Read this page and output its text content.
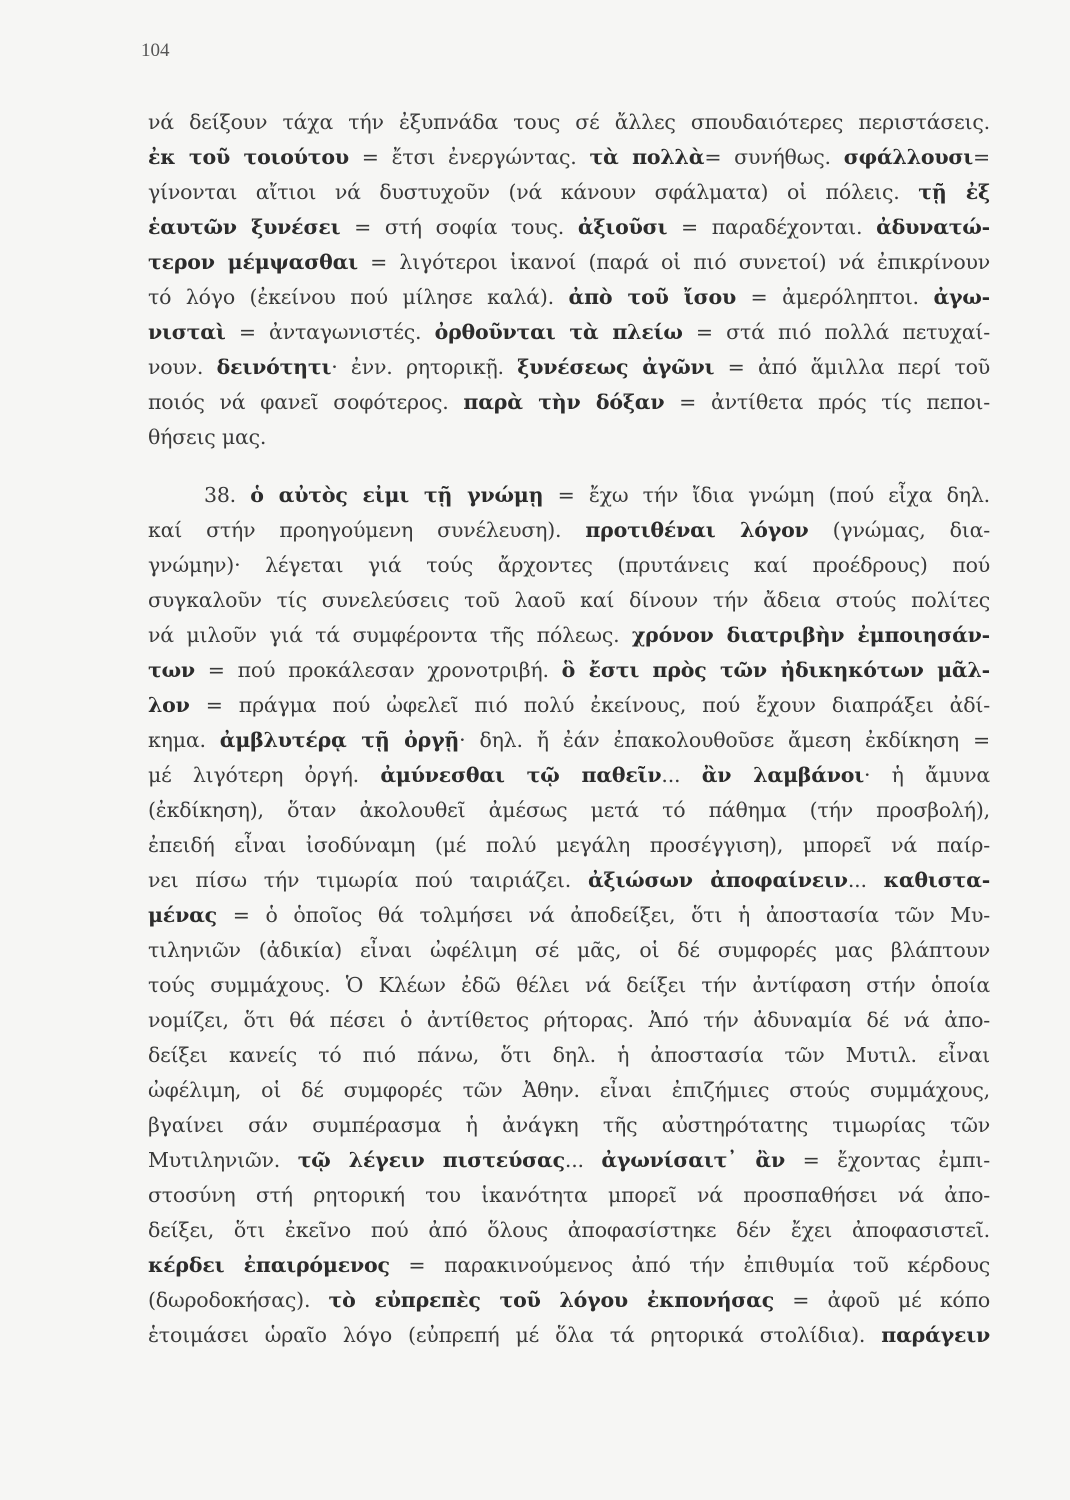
104
νά δείξουν τάχα τήν ἐξυπνάδα τους σέ ἄλλες σπουδαιότερες περιστάσεις.
ἐκ τοῦ τοιούτου = ἔτσι ἐνεργώντας. τὰ πολλὰ= συνήθως. σφάλλουσι=
γίνονται αἴτιοι νά δυστυχοῦν (νά κάνουν σφάλματα) οἱ πόλεις. τῇ ἐξ
ἑαυτῶν ξυνέσει = στή σοφία τους. ἀξιοῦσι = παραδέχονται. ἀδυνατώ-
τερον μέμψασθαι = λιγότεροι ἱκανοί (παρά οἱ πιό συνετοί) νά ἐπικρίνουν
τό λόγο (ἐκείνου πού μίλησε καλά). ἀπὸ τοῦ ἴσου = ἀμερόληπτοι. ἀγω-
νισταὶ = ἀνταγωνιστές. ὀρθοῦνται τὰ πλείω = στά πιό πολλά πετυχαί-
νουν. δεινότητι· ἐνν. ρητορικῇ. ξυνέσεως ἀγῶνι = ἀπό ἅμιλλα περί τοῦ
ποιός νά φανεῖ σοφότερος. παρὰ τὴν δόξαν = ἀντίθετα πρός τίς πεποι-
θήσεις μας.
38. ὁ αὐτὸς εἰμι τῇ γνώμῃ = ἔχω τήν ἴδια γνώμη (πού εἶχα δηλ.
καί στήν προηγούμενη συνέλευση). προτιθέναι λόγον (γνώμας, δια-
γνώμην)· λέγεται γιά τούς ἄρχοντες (πρυτάνεις καί προέδρους) πού
συγκαλοῦν τίς συνελεύσεις τοῦ λαοῦ καί δίνουν τήν ἄδεια στούς πολίτες
νά μιλοῦν γιά τά συμφέροντα τῆς πόλεως. χρόνον διατριβὴν ἐμποιησάν-
των = πού προκάλεσαν χρονοτριβή. ὃ ἔστι πρὸς τῶν ἠδικηκότων μᾶλ-
λον = πράγμα πού ὠφελεῖ πιό πολύ ἐκείνους, πού ἔχουν διαπράξει ἀδί-
κημα. ἀμβλυτέρᾳ τῇ ὀργῇ· δηλ. ἤ ἐάν ἐπακολουθοῦσε ἄμεση ἐκδίκηση =
μέ λιγότερη ὀργή. ἀμύνεσθαι τῷ παθεῖν... ἂν λαμβάνοι· ἡ ἄμυνα
(ἐκδίκηση), ὅταν ἀκολουθεῖ ἀμέσως μετά τό πάθημα (τήν προσβολή),
ἐπειδή εἶναι ἰσοδύναμη (μέ πολύ μεγάλη προσέγγιση), μπορεῖ νά παίρ-
νει πίσω τήν τιμωρία πού ταιριάζει. ἀξιώσων ἀποφαίνειν... καθιστα-
μένας = ὁ ὁποῖος θά τολμήσει νά ἀποδείξει, ὅτι ἡ ἀποστασία τῶν Μυ-
τιληνιῶν (ἀδικία) εἶναι ὠφέλιμη σέ μᾶς, οἱ δέ συμφορές μας βλάπτουν
τούς συμμάχους. Ὁ Κλέων ἐδῶ θέλει νά δείξει τήν ἀντίφαση στήν ὁποία
νομίζει, ὅτι θά πέσει ὁ ἀντίθετος ρήτορας. Ἀπό τήν ἀδυναμία δέ νά ἀπο-
δείξει κανείς τό πιό πάνω, ὅτι δηλ. ἡ ἀποστασία τῶν Μυτιλ. εἶναι
ὠφέλιμη, οἱ δέ συμφορές τῶν Ἀθην. εἶναι ἐπιζήμιες στούς συμμάχους,
βγαίνει σάν συμπέρασμα ἡ ἀνάγκη τῆς αὐστηρότατης τιμωρίας τῶν
Μυτιληνιῶν. τῷ λέγειν πιστεύσας... ἀγωνίσαιτ᾽ ἂν = ἔχοντας ἐμπι-
στοσύνη στή ρητορική του ἱκανότητα μπορεῖ νά προσπαθήσει νά ἀπο-
δείξει, ὅτι ἐκεῖνο πού ἀπό ὅλους ἀποφασίστηκε δέν ἔχει ἀποφασιστεῖ.
κέρδει ἐπαιρόμενος = παρακινούμενος ἀπό τήν ἐπιθυμία τοῦ κέρδους
(δωροδοκήσας). τὸ εὐπρεπὲς τοῦ λόγου ἐκπονήσας = ἀφοῦ μέ κόπο
ἑτοιμάσει ὡραῖο λόγο (εὐπρεπή μέ ὅλα τά ρητορικά στολίδια). παράγειν
